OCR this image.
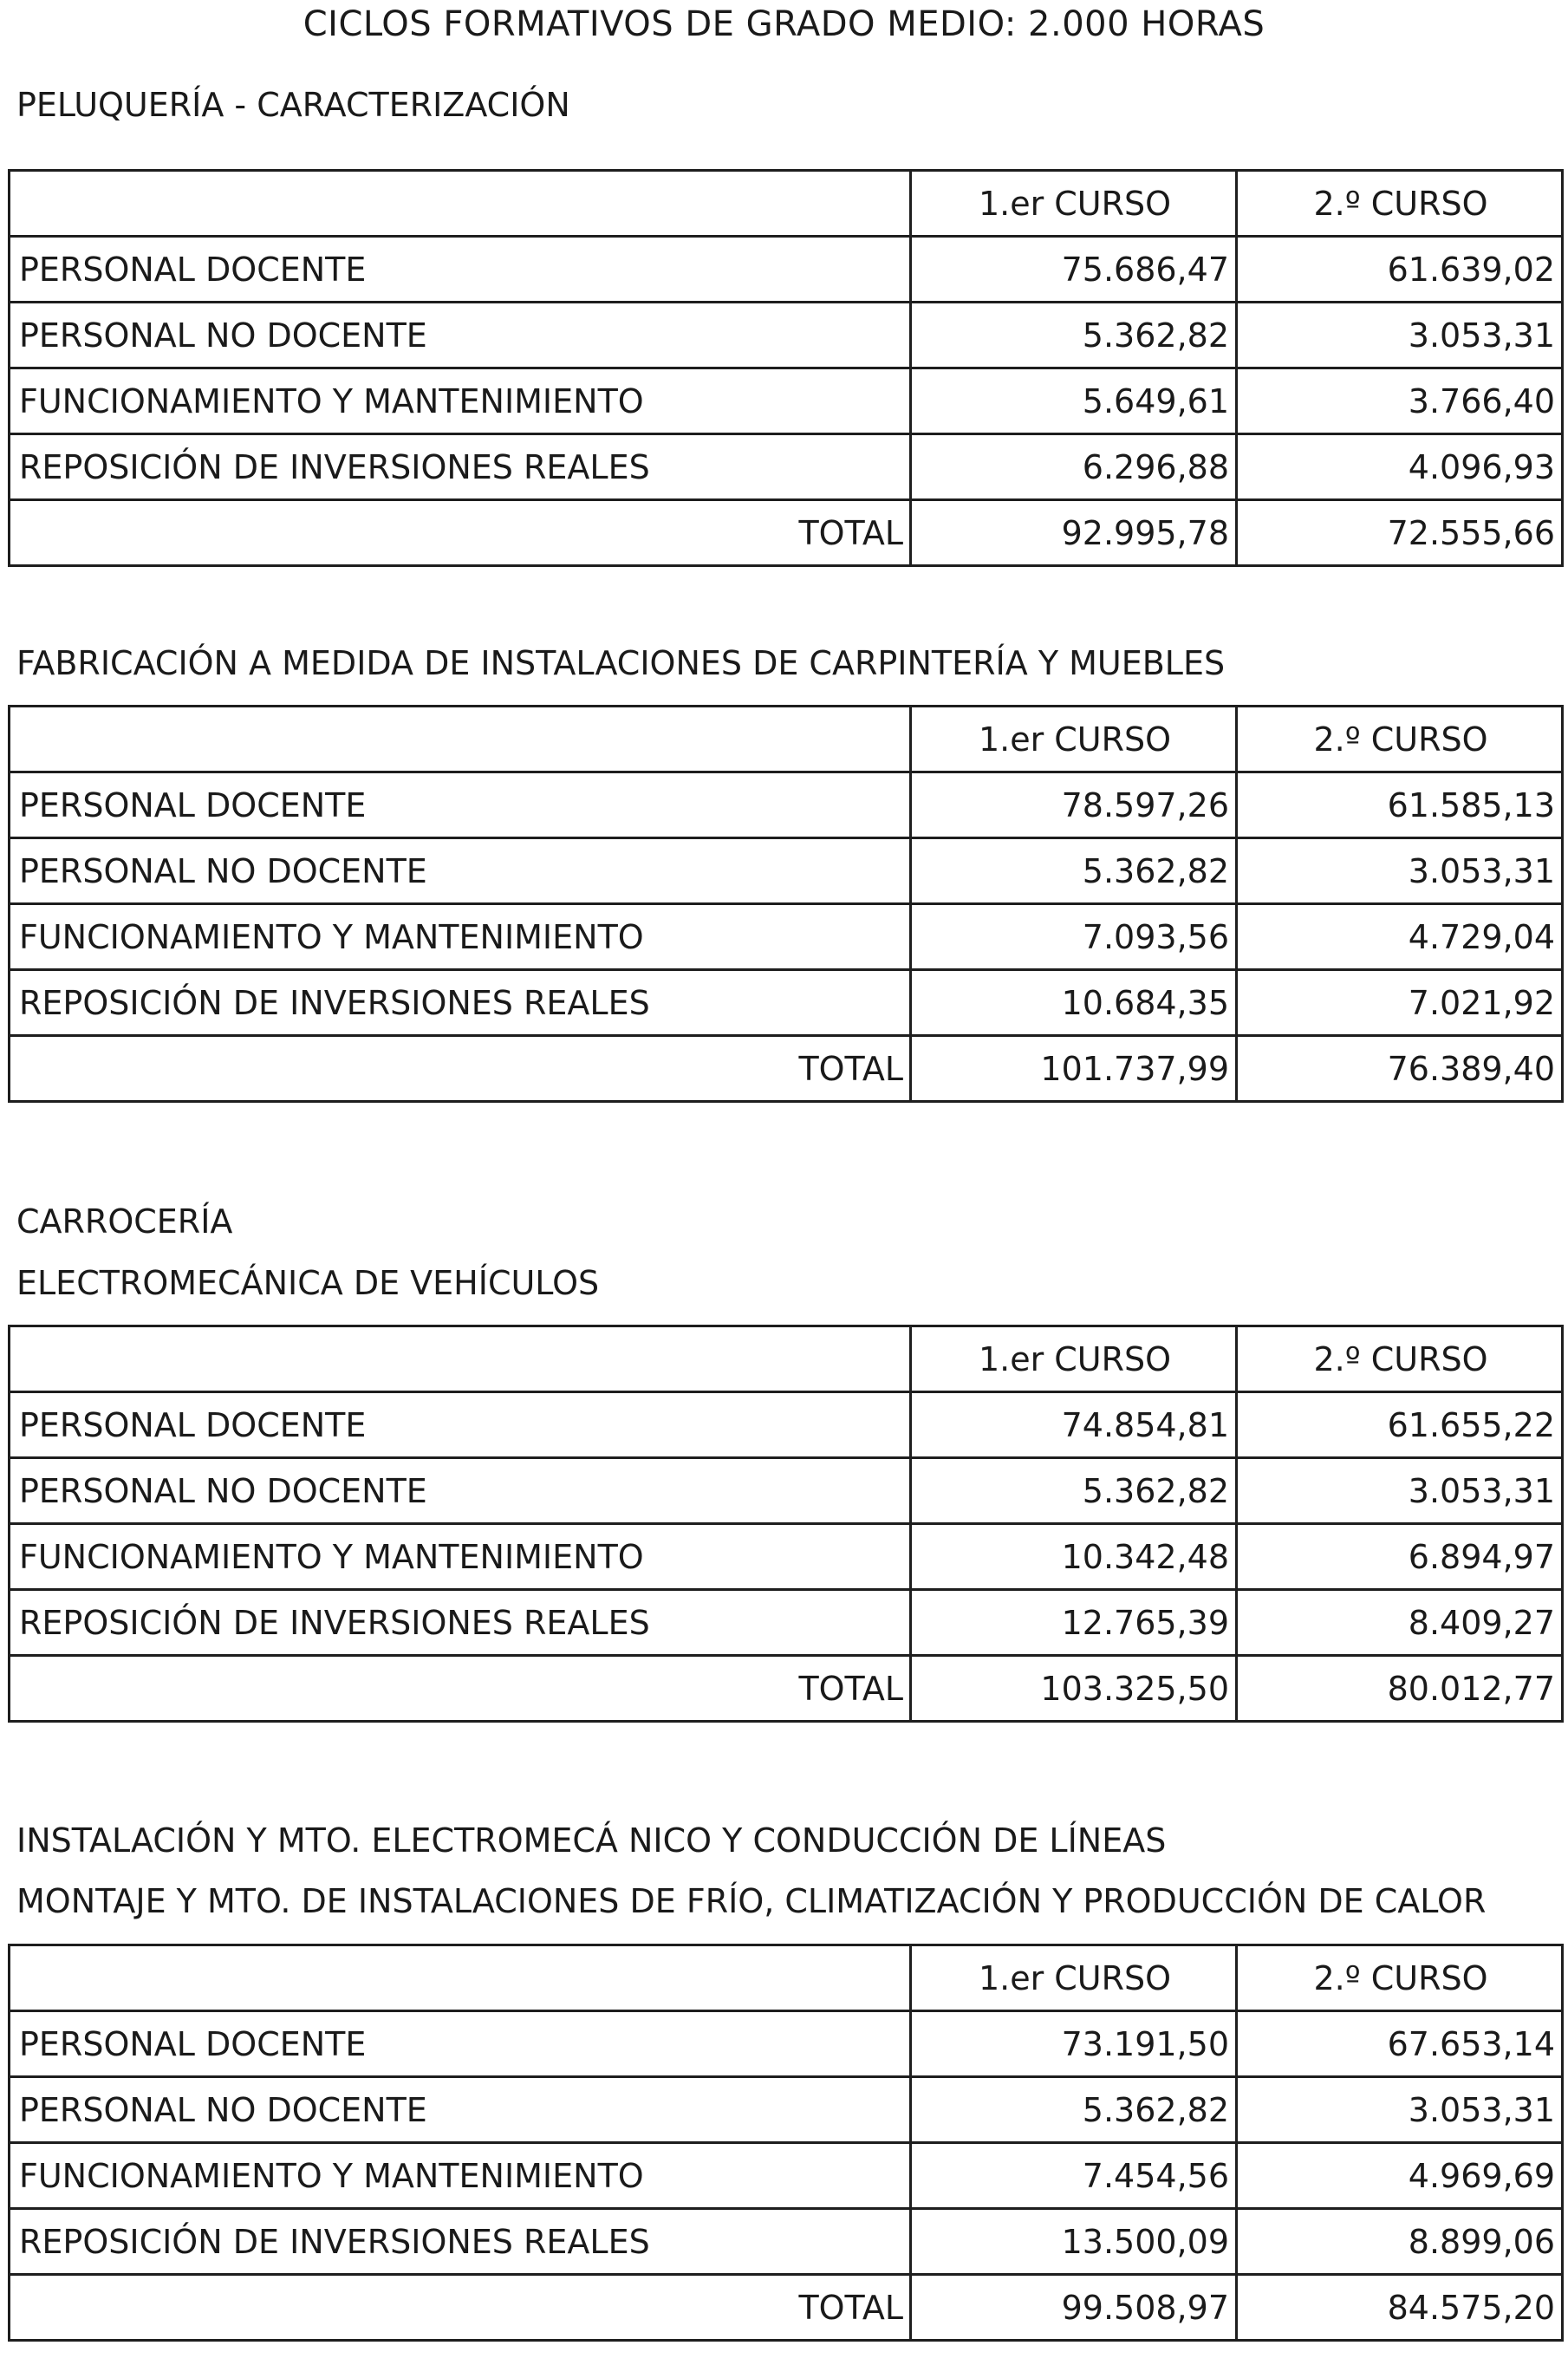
CICLOS FORMATIVOS DE GRADO MEDIO: 2.000 HORAS
PELUQUERÍA - CARACTERIZACIÓN
	1.er CURSO	2.º CURSO
PERSONAL DOCENTE	75.686,47	61.639,02
PERSONAL NO DOCENTE	5.362,82	3.053,31
FUNCIONAMIENTO Y MANTENIMIENTO	5.649,61	3.766,40
REPOSICIÓN DE INVERSIONES REALES	6.296,88	4.096,93
TOTAL	92.995,78	72.555,66
FABRICACIÓN A MEDIDA DE INSTALACIONES DE CARPINTERÍA Y MUEBLES
	1.er CURSO	2.º CURSO
PERSONAL DOCENTE	78.597,26	61.585,13
PERSONAL NO DOCENTE	5.362,82	3.053,31
FUNCIONAMIENTO Y MANTENIMIENTO	7.093,56	4.729,04
REPOSICIÓN DE INVERSIONES REALES	10.684,35	7.021,92
TOTAL	101.737,99	76.389,40
CARROCERÍA
ELECTROMECÁNICA DE VEHÍCULOS
	1.er CURSO	2.º CURSO
PERSONAL DOCENTE	74.854,81	61.655,22
PERSONAL NO DOCENTE	5.362,82	3.053,31
FUNCIONAMIENTO Y MANTENIMIENTO	10.342,48	6.894,97
REPOSICIÓN DE INVERSIONES REALES	12.765,39	8.409,27
TOTAL	103.325,50	80.012,77
INSTALACIÓN Y MTO. ELECTROMECÁ NICO Y CONDUCCIÓN DE LÍNEAS
MONTAJE Y MTO. DE INSTALACIONES DE FRÍO, CLIMATIZACIÓN Y PRODUCCIÓN DE CALOR
	1.er CURSO	2.º CURSO
PERSONAL DOCENTE	73.191,50	67.653,14
PERSONAL NO DOCENTE	5.362,82	3.053,31
FUNCIONAMIENTO Y MANTENIMIENTO	7.454,56	4.969,69
REPOSICIÓN DE INVERSIONES REALES	13.500,09	8.899,06
TOTAL	99.508,97	84.575,20
